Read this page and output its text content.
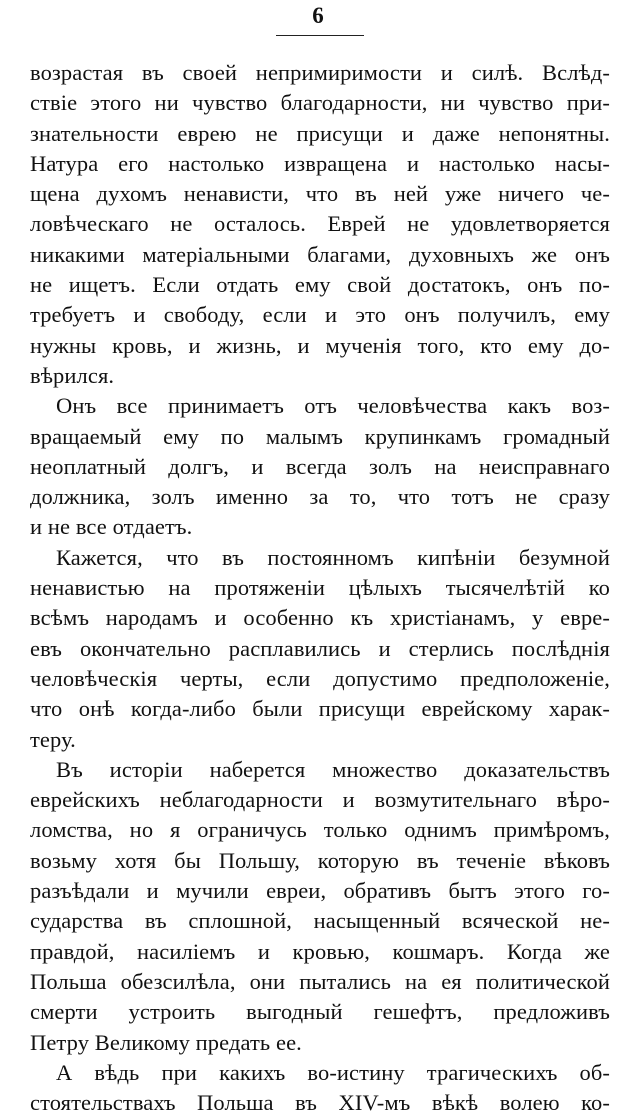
6
возрастая въ своей непримиримости и силѣ. Вслѣд-
ствіе этого ни чувство благодарности, ни чувство при-
знательности еврею не присущи и даже непонятны.
Натура его настолько извращена и настолько насы-
щена духомъ ненависти, что въ ней уже ничего че-
ловѣческаго не осталось. Еврей не удовлетворяется
никакими матеріальными благами, духовныхъ же онъ
не ищетъ. Если отдать ему свой достатокъ, онъ по-
требуетъ и свободу, если и это онъ получилъ, ему
нужны кровь, и жизнь, и мученія того, кто ему до-
вѣрился.
Онъ все принимаетъ отъ человѣчества какъ воз-
вращаемый ему по малымъ крупинкамъ громадный
неоплатный долгъ, и всегда золъ на неисправнаго
должника, золъ именно за то, что тотъ не сразу
и не все отдаетъ.
Кажется, что въ постоянномъ кипѣніи безумной
ненавистью на протяженіи цѣлыхъ тысячелѣтій ко
всѣмъ народамъ и особенно къ христіанамъ, у евре-
евъ окончательно расплавились и стерлись послѣднія
человѣческія черты, если допустимо предположеніе,
что онѣ когда-либо были присущи еврейскому харак-
теру.
Въ исторіи наберется множество доказательствъ
еврейскихъ неблагодарности и возмутительнаго вѣро-
ломства, но я ограничусь только однимъ примѣромъ,
возьму хотя бы Польшу, которую въ теченіе вѣковъ
разъѣдали и мучили евреи, обративъ бытъ этого го-
сударства въ сплошной, насыщенный всяческой не-
правдой, насиліемъ и кровью, кошмаръ. Когда же
Польша обезсилѣла, они пытались на ея политической
смерти устроить выгодный гешефтъ, предложивъ
Петру Великому предать ее.
А вѣдь при какихъ во-истину трагическихъ об-
стоятельствахъ Польша въ XIV-мъ вѣкѣ волею ко-
